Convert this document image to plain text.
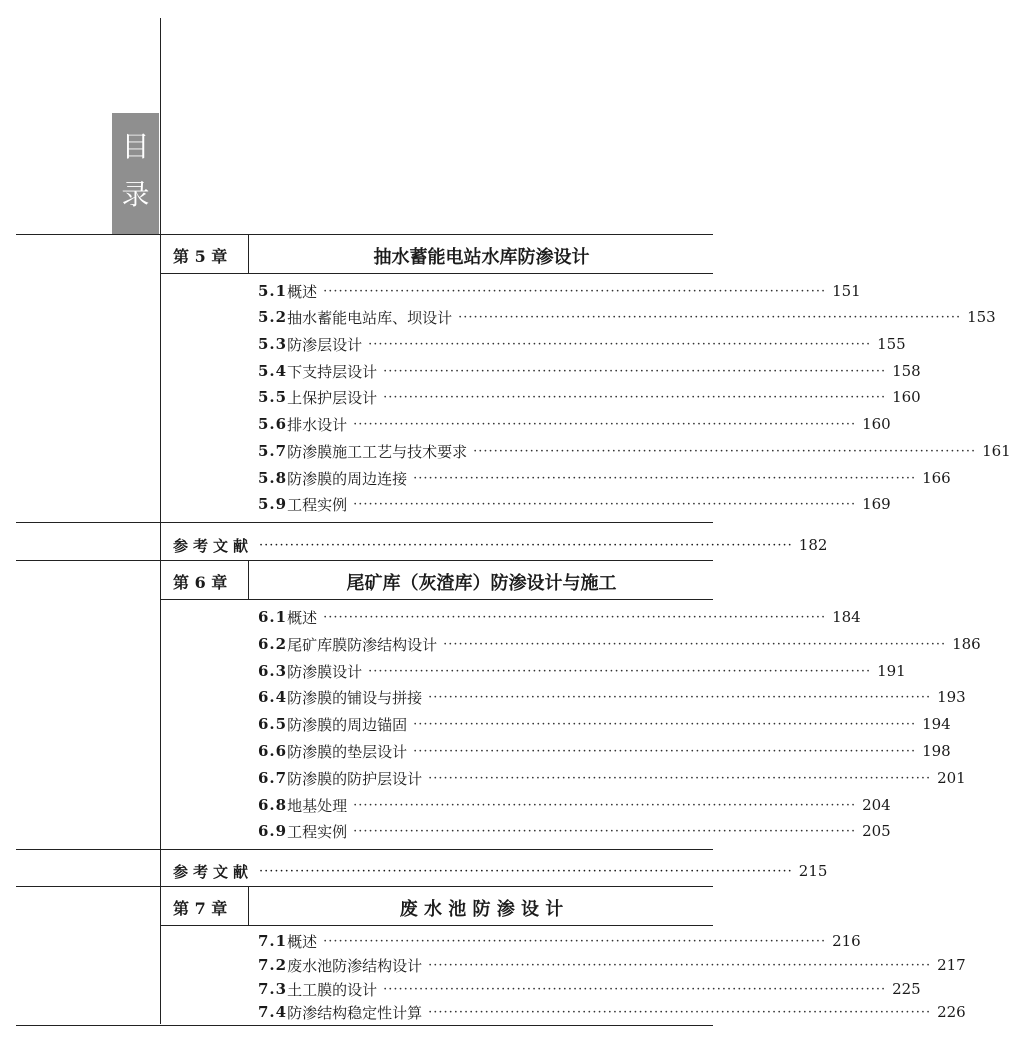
目
录
第 5 章	抽水蓄能电站水库防渗设计
5.1 概述 ·································································································· 151
5.2 抽水蓄能电站库、坝设计 ·································································································· 153
5.3 防渗层设计 ·································································································· 155
5.4 下支持层设计 ·································································································· 158
5.5 上保护层设计 ·································································································· 160
5.6 排水设计 ·································································································· 160
5.7 防渗膜施工工艺与技术要求 ·································································································· 161
5.8 防渗膜的周边连接 ·································································································· 166
5.9 工程实例 ·································································································· 169
参考文献 ········································································································ 182
第 6 章	尾矿库（灰渣库）防渗设计与施工
6.1 概述 ·································································································· 184
6.2 尾矿库膜防渗结构设计 ·································································································· 186
6.3 防渗膜设计 ·································································································· 191
6.4 防渗膜的铺设与拼接 ·································································································· 193
6.5 防渗膜的周边锚固 ·································································································· 194
6.6 防渗膜的垫层设计 ·································································································· 198
6.7 防渗膜的防护层设计 ·································································································· 201
6.8 地基处理 ·································································································· 204
6.9 工程实例 ·································································································· 205
参考文献 ········································································································ 215
第 7 章	废 水 池 防 渗 设 计
7.1 概述 ·································································································· 216
7.2 废水池防渗结构设计 ·································································································· 217
7.3 土工膜的设计 ·································································································· 225
7.4 防渗结构稳定性计算 ·································································································· 226
